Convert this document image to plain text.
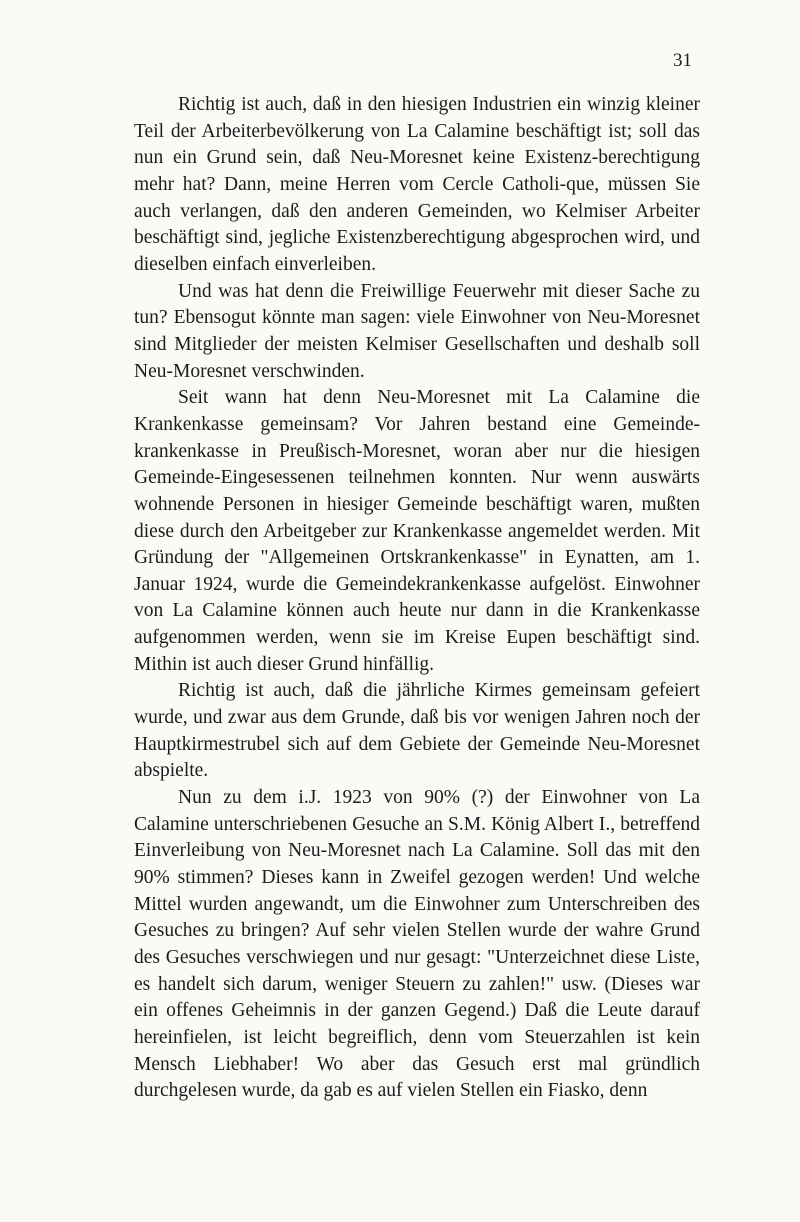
31

Richtig ist auch, daß in den hiesigen Industrien ein winzig kleiner Teil der Arbeiterbevölkerung von La Calamine beschäftigt ist; soll das nun ein Grund sein, daß Neu-Moresnet keine Existenz-berechtigung mehr hat? Dann, meine Herren vom Cercle Catholi-que, müssen Sie auch verlangen, daß den anderen Gemeinden, wo Kelmiser Arbeiter beschäftigt sind, jegliche Existenzberechtigung abgesprochen wird, und dieselben einfach einverleiben.

Und was hat denn die Freiwillige Feuerwehr mit dieser Sache zu tun? Ebensogut könnte man sagen: viele Einwohner von Neu-Moresnet sind Mitglieder der meisten Kelmiser Gesellschaften und deshalb soll Neu-Moresnet verschwinden.

Seit wann hat denn Neu-Moresnet mit La Calamine die Krankenkasse gemeinsam? Vor Jahren bestand eine Gemeinde-krankenkasse in Preußisch-Moresnet, woran aber nur die hiesigen Gemeinde-Eingesessenen teilnehmen konnten. Nur wenn auswärts wohnende Personen in hiesiger Gemeinde beschäftigt waren, mußten diese durch den Arbeitgeber zur Krankenkasse angemeldet werden. Mit Gründung der "Allgemeinen Ortskrankenkasse" in Eynatten, am 1. Januar 1924, wurde die Gemeindekrankenkasse aufgelöst. Einwohner von La Calamine können auch heute nur dann in die Krankenkasse aufgenommen werden, wenn sie im Kreise Eupen beschäftigt sind. Mithin ist auch dieser Grund hinfällig.

Richtig ist auch, daß die jährliche Kirmes gemeinsam gefeiert wurde, und zwar aus dem Grunde, daß bis vor wenigen Jahren noch der Hauptkirmestrubel sich auf dem Gebiete der Gemeinde Neu-Moresnet abspielte.

Nun zu dem i.J. 1923 von 90% (?) der Einwohner von La Calamine unterschriebenen Gesuche an S.M. König Albert I., betreffend Einverleibung von Neu-Moresnet nach La Calamine. Soll das mit den 90% stimmen? Dieses kann in Zweifel gezogen werden! Und welche Mittel wurden angewandt, um die Einwohner zum Unterschreiben des Gesuches zu bringen? Auf sehr vielen Stellen wurde der wahre Grund des Gesuches verschwiegen und nur gesagt: "Unterzeichnet diese Liste, es handelt sich darum, weniger Steuern zu zahlen!" usw. (Dieses war ein offenes Geheimnis in der ganzen Gegend.) Daß die Leute darauf hereinfielen, ist leicht begreiflich, denn vom Steuerzahlen ist kein Mensch Liebhaber! Wo aber das Gesuch erst mal gründlich durchgelesen wurde, da gab es auf vielen Stellen ein Fiasko, denn
